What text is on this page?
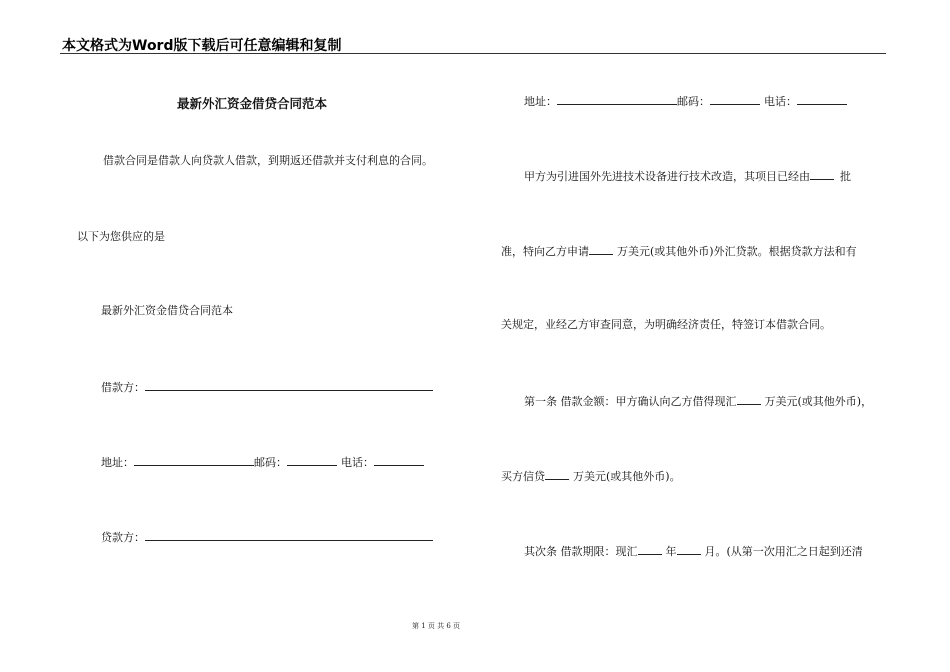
本文格式为Word版下载后可任意编辑和复制
最新外汇资金借贷合同范本
借款合同是借款人向贷款人借款，到期返还借款并支付利息的合同。
以下为您供应的是
最新外汇资金借贷合同范本
借款方：
地址：	邮码：	电话：
贷款方：
地址：	邮码：	电话：
甲方为引进国外先进技术设备进行技术改造，其项目已经由	批
准，特向乙方申请	万美元(或其他外币)外汇贷款。根据贷款方法和有
关规定，业经乙方审查同意，为明确经济责任，特签订本借款合同。
第一条 借款金额：甲方确认向乙方借得现汇	万美元(或其他外币)，
买方信贷	万美元(或其他外币)。
其次条 借款期限：现汇	年	月。(从第一次用汇之日起到还清
第 1 页 共 6 页
